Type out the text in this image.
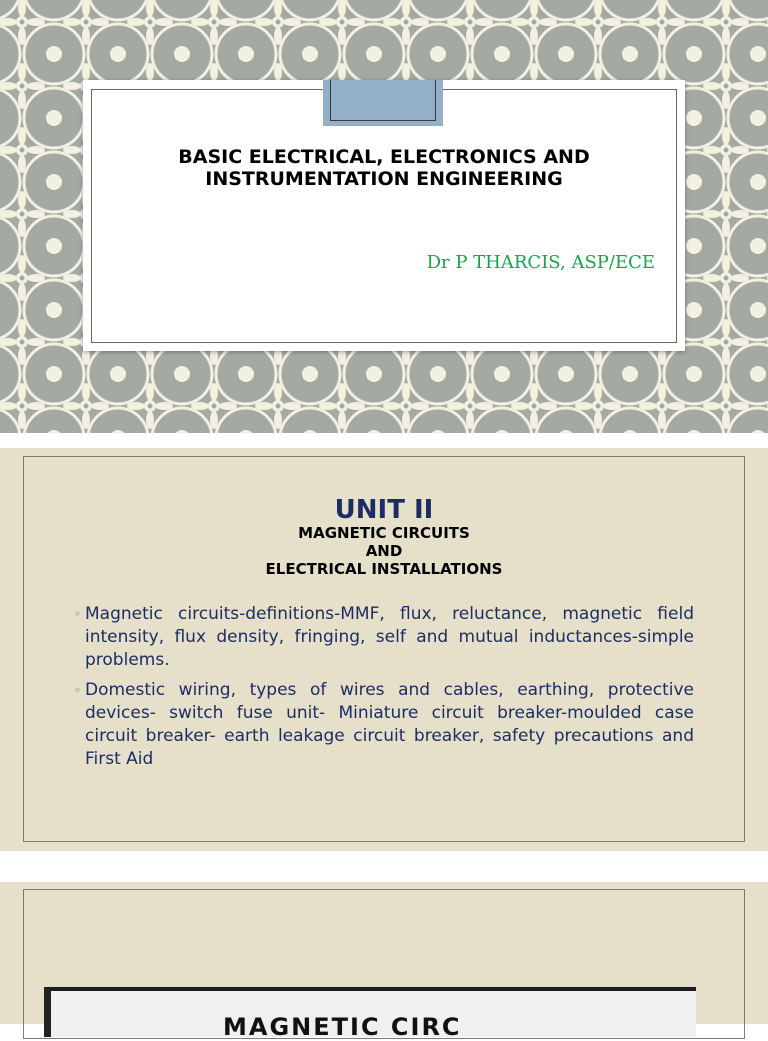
BASIC ELECTRICAL, ELECTRONICS AND
INSTRUMENTATION ENGINEERING
Dr P THARCIS, ASP/ECE
UNIT II
MAGNETIC CIRCUITS
AND
ELECTRICAL INSTALLATIONS
◦ Magnetic circuits-definitions-MMF, flux, reluctance, magnetic field intensity, flux density, fringing, self and mutual inductances-simple problems.
◦ Domestic wiring, types of wires and cables, earthing, protective devices- switch fuse unit- Miniature circuit breaker-moulded case circuit breaker- earth leakage circuit breaker, safety precautions and First Aid
MAGNETIC CIRC
